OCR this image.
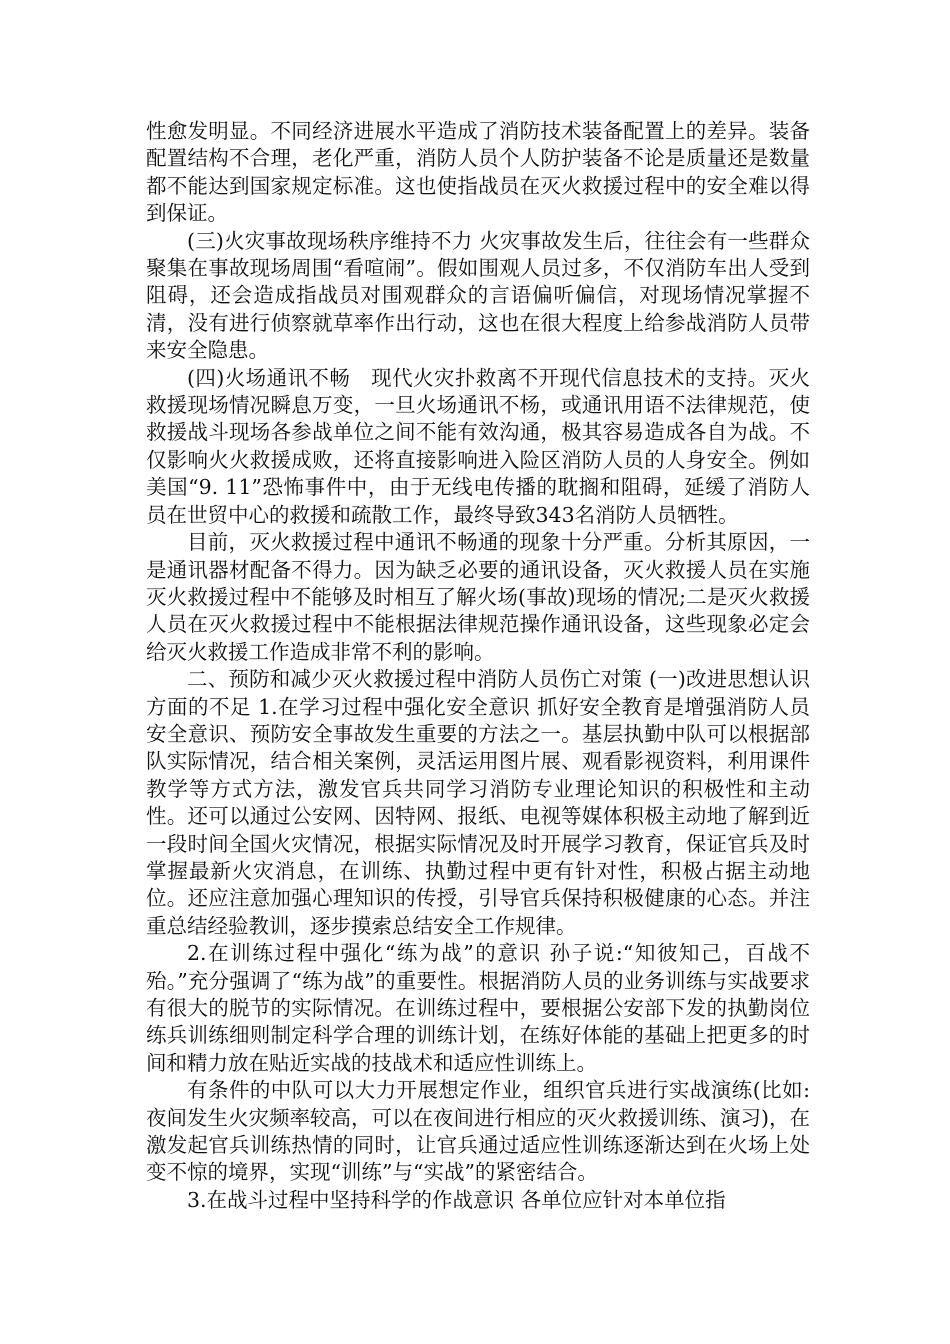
性愈发明显。不同经济进展水平造成了消防技术装备配置上的差异。装备配置结构不合理，老化严重，消防人员个人防护装备不论是质量还是数量都不能达到国家规定标准。这也使指战员在灭火救援过程中的安全难以得到保证。

(三)火灾事故现场秩序维持不力 火灾事故发生后，往往会有一些群众聚集在事故现场周围“看喧闹”。假如围观人员过多，不仅消防车出人受到阻碍，还会造成指战员对围观群众的言语偏听偏信，对现场情况掌握不清，没有进行侦察就草率作出行动，这也在很大程度上给参战消防人员带来安全隐患。

(四)火场通讯不畅　现代火灾扑救离不开现代信息技术的支持。灭火救援现场情况瞬息万变，一旦火场通讯不杨，或通讯用语不法律规范，使救援战斗现场各参战单位之间不能有效沟通，极其容易造成各自为战。不仅影响火火救援成败，还将直接影响进入险区消防人员的人身安全。例如美国“9. 11”恐怖事件中，由于无线电传播的耽搁和阻碍，延缓了消防人员在世贸中心的救援和疏散工作，最终导致343名消防人员牺牲。

目前，灭火救援过程中通讯不畅通的现象十分严重。分析其原因，一是通讯器材配备不得力。因为缺乏必要的通讯设备，灭火救援人员在实施灭火救援过程中不能够及时相互了解火场(事故)现场的情况;二是灭火救援人员在灭火救援过程中不能根据法律规范操作通讯设备，这些现象必定会给灭火救援工作造成非常不利的影响。

二、预防和减少灭火救援过程中消防人员伤亡对策 (一)改进思想认识方面的不足 1.在学习过程中强化安全意识 抓好安全教育是增强消防人员安全意识、预防安全事故发生重要的方法之一。基层执勤中队可以根据部队实际情况，结合相关案例，灵活运用图片展、观看影视资料，利用课件教学等方式方法，激发官兵共同学习消防专业理论知识的积极性和主动性。还可以通过公安网、因特网、报纸、电视等媒体积极主动地了解到近一段时间全国火灾情况，根据实际情况及时开展学习教育，保证官兵及时掌握最新火灾消息，在训练、执勤过程中更有针对性，积极占据主动地位。还应注意加强心理知识的传授，引导官兵保持积极健康的心态。并注重总结经验教训，逐步摸索总结安全工作规律。

2.在训练过程中强化“练为战”的意识 孙子说:“知彼知己，百战不殆。”充分强调了“练为战”的重要性。根据消防人员的业务训练与实战要求有很大的脱节的实际情况。在训练过程中，要根据公安部下发的执勤岗位练兵训练细则制定科学合理的训练计划，在练好体能的基础上把更多的时间和精力放在贴近实战的技战术和适应性训练上。

有条件的中队可以大力开展想定作业，组织官兵进行实战演练(比如:夜间发生火灾频率较高，可以在夜间进行相应的灭火救援训练、演习)，在激发起官兵训练热情的同时，让官兵通过适应性训练逐渐达到在火场上处变不惊的境界，实现“训练”与“实战”的紧密结合。

3.在战斗过程中坚持科学的作战意识 各单位应针对本单位指
